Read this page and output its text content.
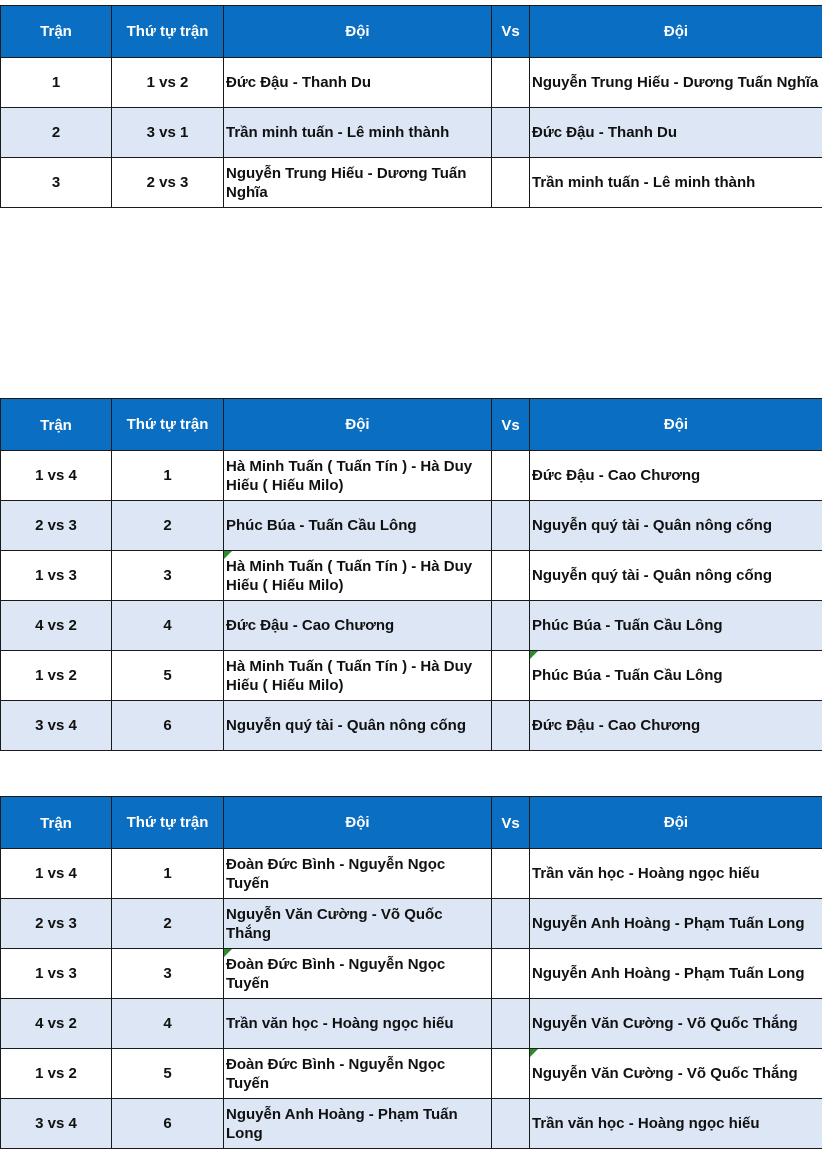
Trận	Thứ tự trận	Đội	Vs	Đội
1	1 vs 2	Đức Đậu - Thanh Du		Nguyễn Trung Hiếu - Dương Tuấn Nghĩa
2	3 vs 1	Trần minh tuấn - Lê minh thành		Đức Đậu - Thanh Du
3	2 vs 3	Nguyễn Trung Hiếu - Dương Tuấn Nghĩa		Trần minh tuấn - Lê minh thành
Trận	Thứ tự trận	Đội	Vs	Đội
1 vs 4	1	Hà Minh Tuấn ( Tuấn Tín ) - Hà Duy Hiếu ( Hiếu Milo)		Đức Đậu - Cao Chương
2 vs 3	2	Phúc Búa - Tuấn Cầu Lông		Nguyễn quý tài - Quân nông cống
1 vs 3	3	Hà Minh Tuấn ( Tuấn Tín ) - Hà Duy Hiếu ( Hiếu Milo)		Nguyễn quý tài - Quân nông cống
4 vs 2	4	Đức Đậu - Cao Chương		Phúc Búa - Tuấn Cầu Lông
1 vs 2	5	Hà Minh Tuấn ( Tuấn Tín ) - Hà Duy Hiếu ( Hiếu Milo)		Phúc Búa - Tuấn Cầu Lông
3 vs 4	6	Nguyễn quý tài - Quân nông cống		Đức Đậu - Cao Chương
Trận	Thứ tự trận	Đội	Vs	Đội
1 vs 4	1	Đoàn Đức Bình - Nguyễn Ngọc Tuyến		Trần văn học - Hoàng ngọc hiếu
2 vs 3	2	Nguyễn Văn Cường - Võ Quốc Thắng		Nguyễn Anh Hoàng - Phạm Tuấn Long
1 vs 3	3	Đoàn Đức Bình - Nguyễn Ngọc Tuyến		Nguyễn Anh Hoàng - Phạm Tuấn Long
4 vs 2	4	Trần văn học - Hoàng ngọc hiếu		Nguyễn Văn Cường - Võ Quốc Thắng
1 vs 2	5	Đoàn Đức Bình - Nguyễn Ngọc Tuyến		Nguyễn Văn Cường - Võ Quốc Thắng
3 vs 4	6	Nguyễn Anh Hoàng - Phạm Tuấn Long		Trần văn học - Hoàng ngọc hiếu
